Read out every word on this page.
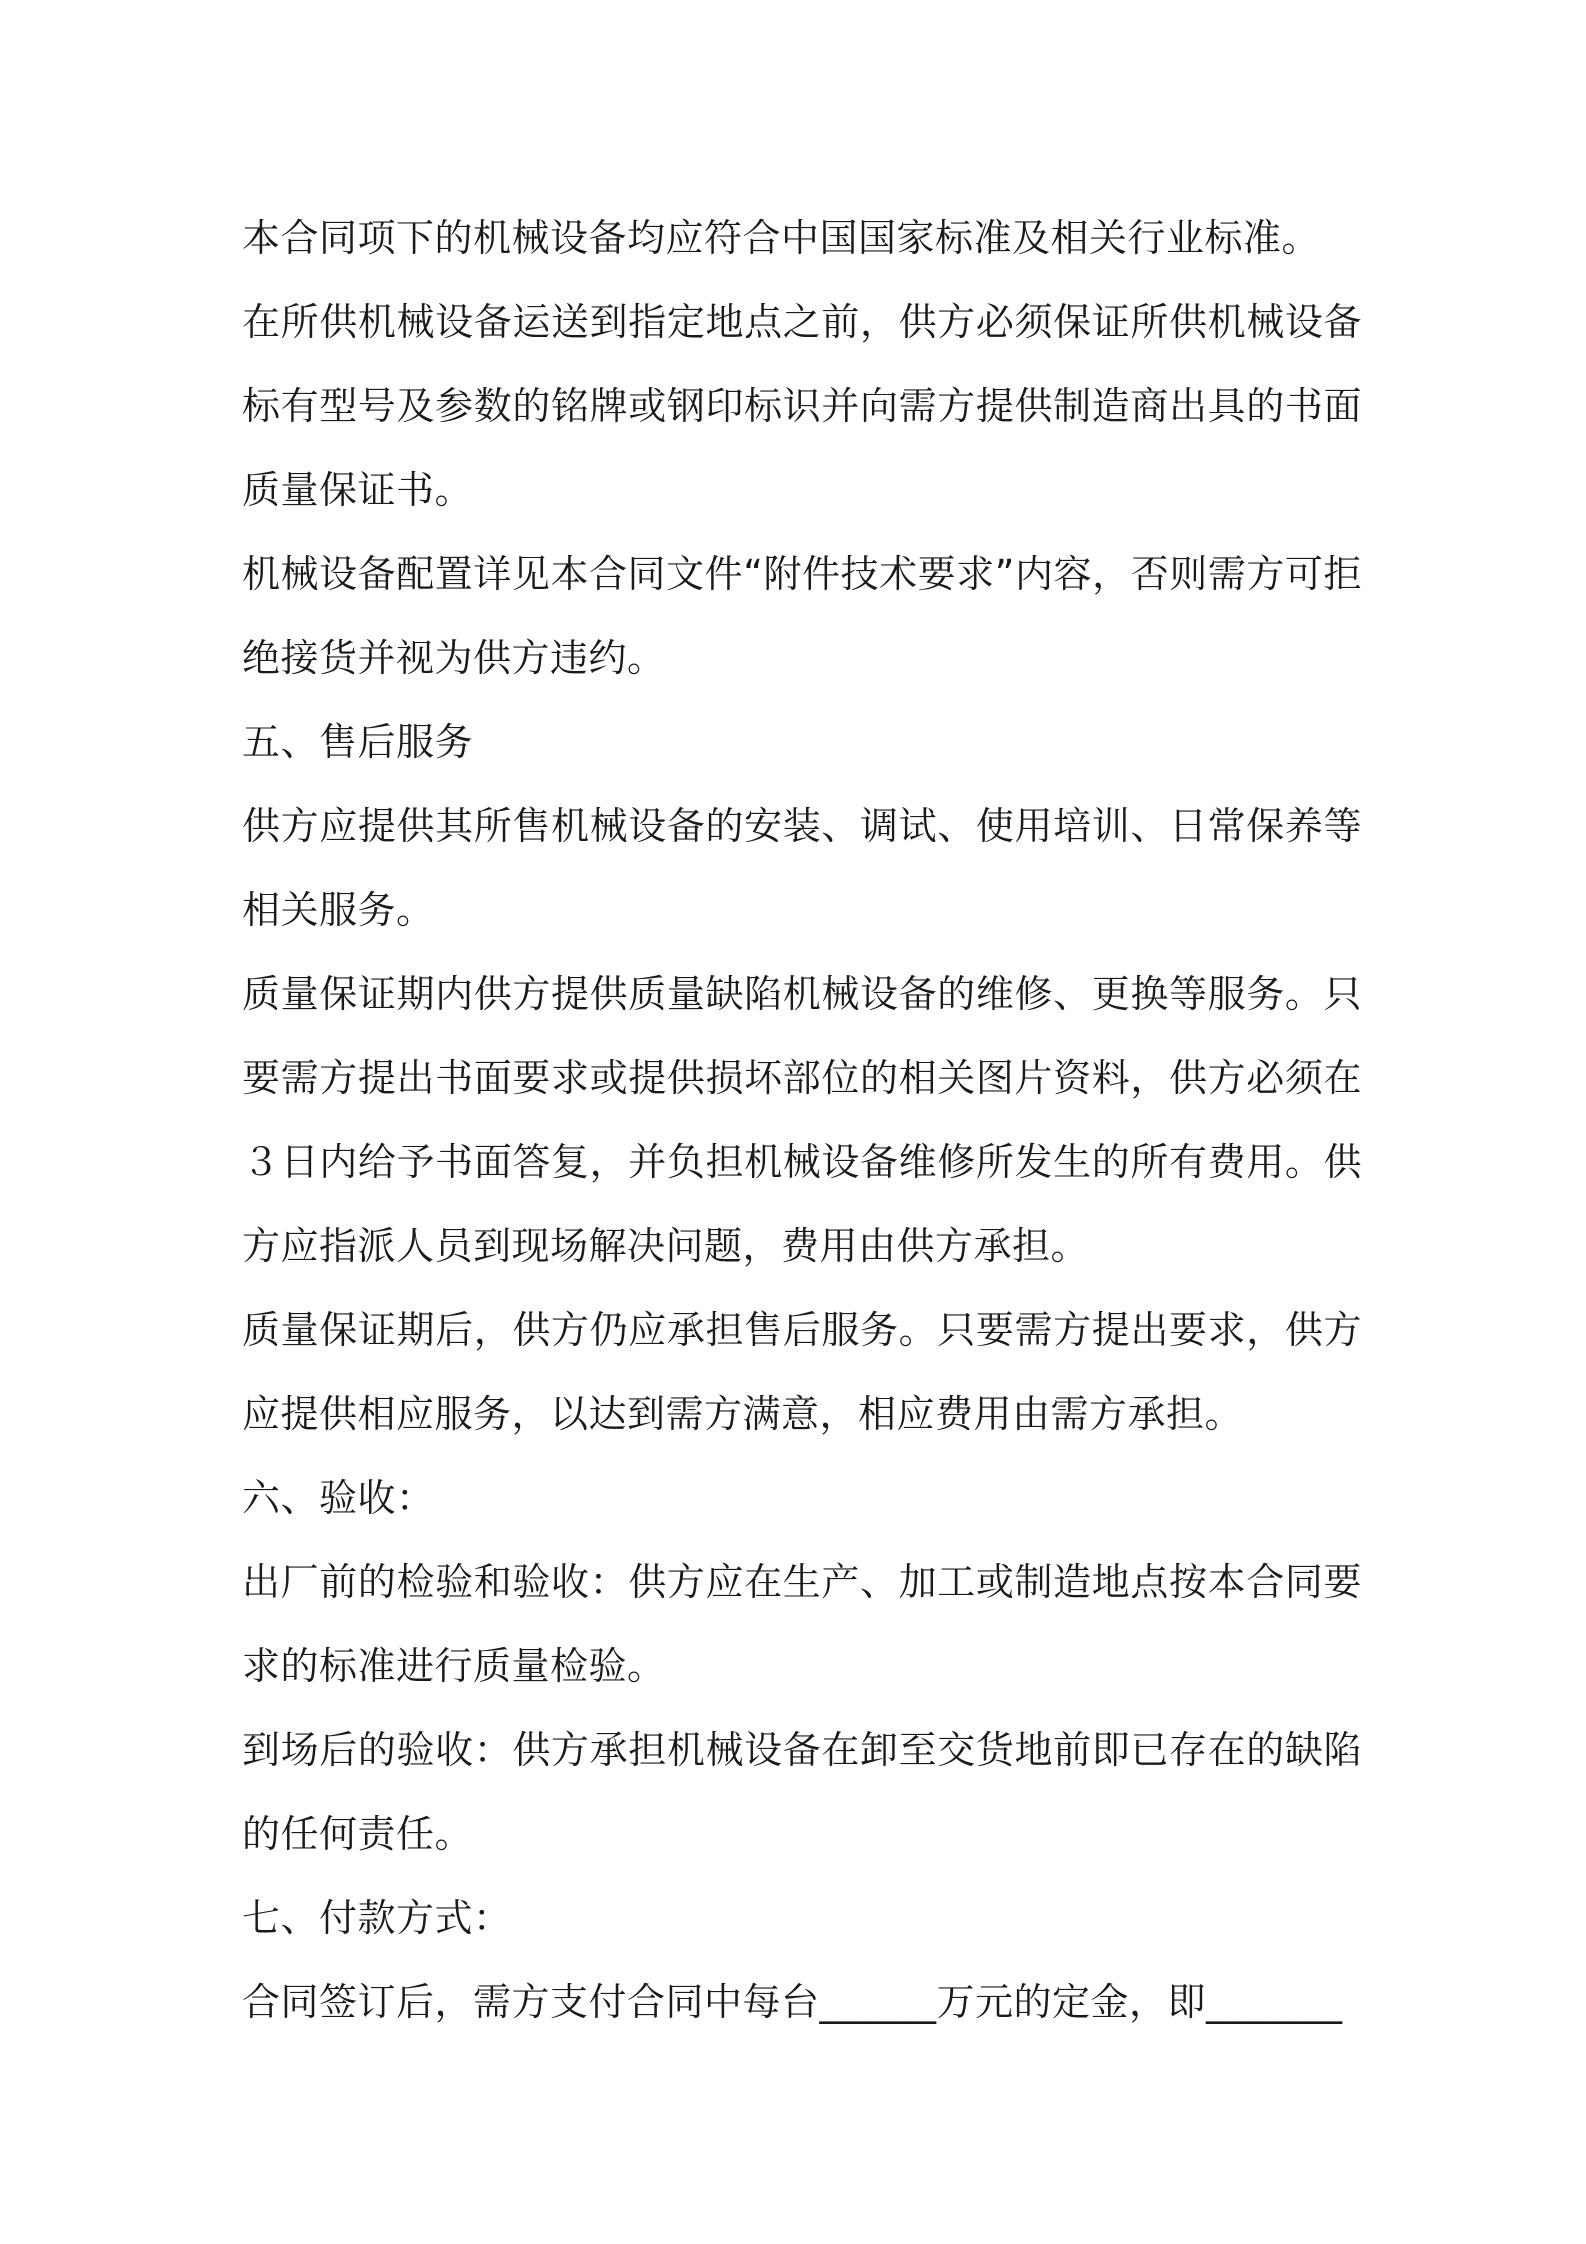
本合同项下的机械设备均应符合中国国家标准及相关行业标准。

在所供机械设备运送到指定地点之前，供方必须保证所供机械设备标有型号及参数的铭牌或钢印标识并向需方提供制造商出具的书面质量保证书。

机械设备配置详见本合同文件“附件技术要求”内容，否则需方可拒绝接货并视为供方违约。

五、售后服务

供方应提供其所售机械设备的安装、调试、使用培训、日常保养等相关服务。

质量保证期内供方提供质量缺陷机械设备的维修、更换等服务。只要需方提出书面要求或提供损坏部位的相关图片资料，供方必须在３日内给予书面答复，并负担机械设备维修所发生的所有费用。供方应指派人员到现场解决问题，费用由供方承担。

质量保证期后，供方仍应承担售后服务。只要需方提出要求，供方应提供相应服务，以达到需方满意，相应费用由需方承担。

六、验收：

出厂前的检验和验收：供方应在生产、加工或制造地点按本合同要求的标准进行质量检验。

到场后的验收：供方承担机械设备在卸至交货地前即已存在的缺陷的任何责任。

七、付款方式：

合同签订后，需方支付合同中每台______万元的定金，即_______
